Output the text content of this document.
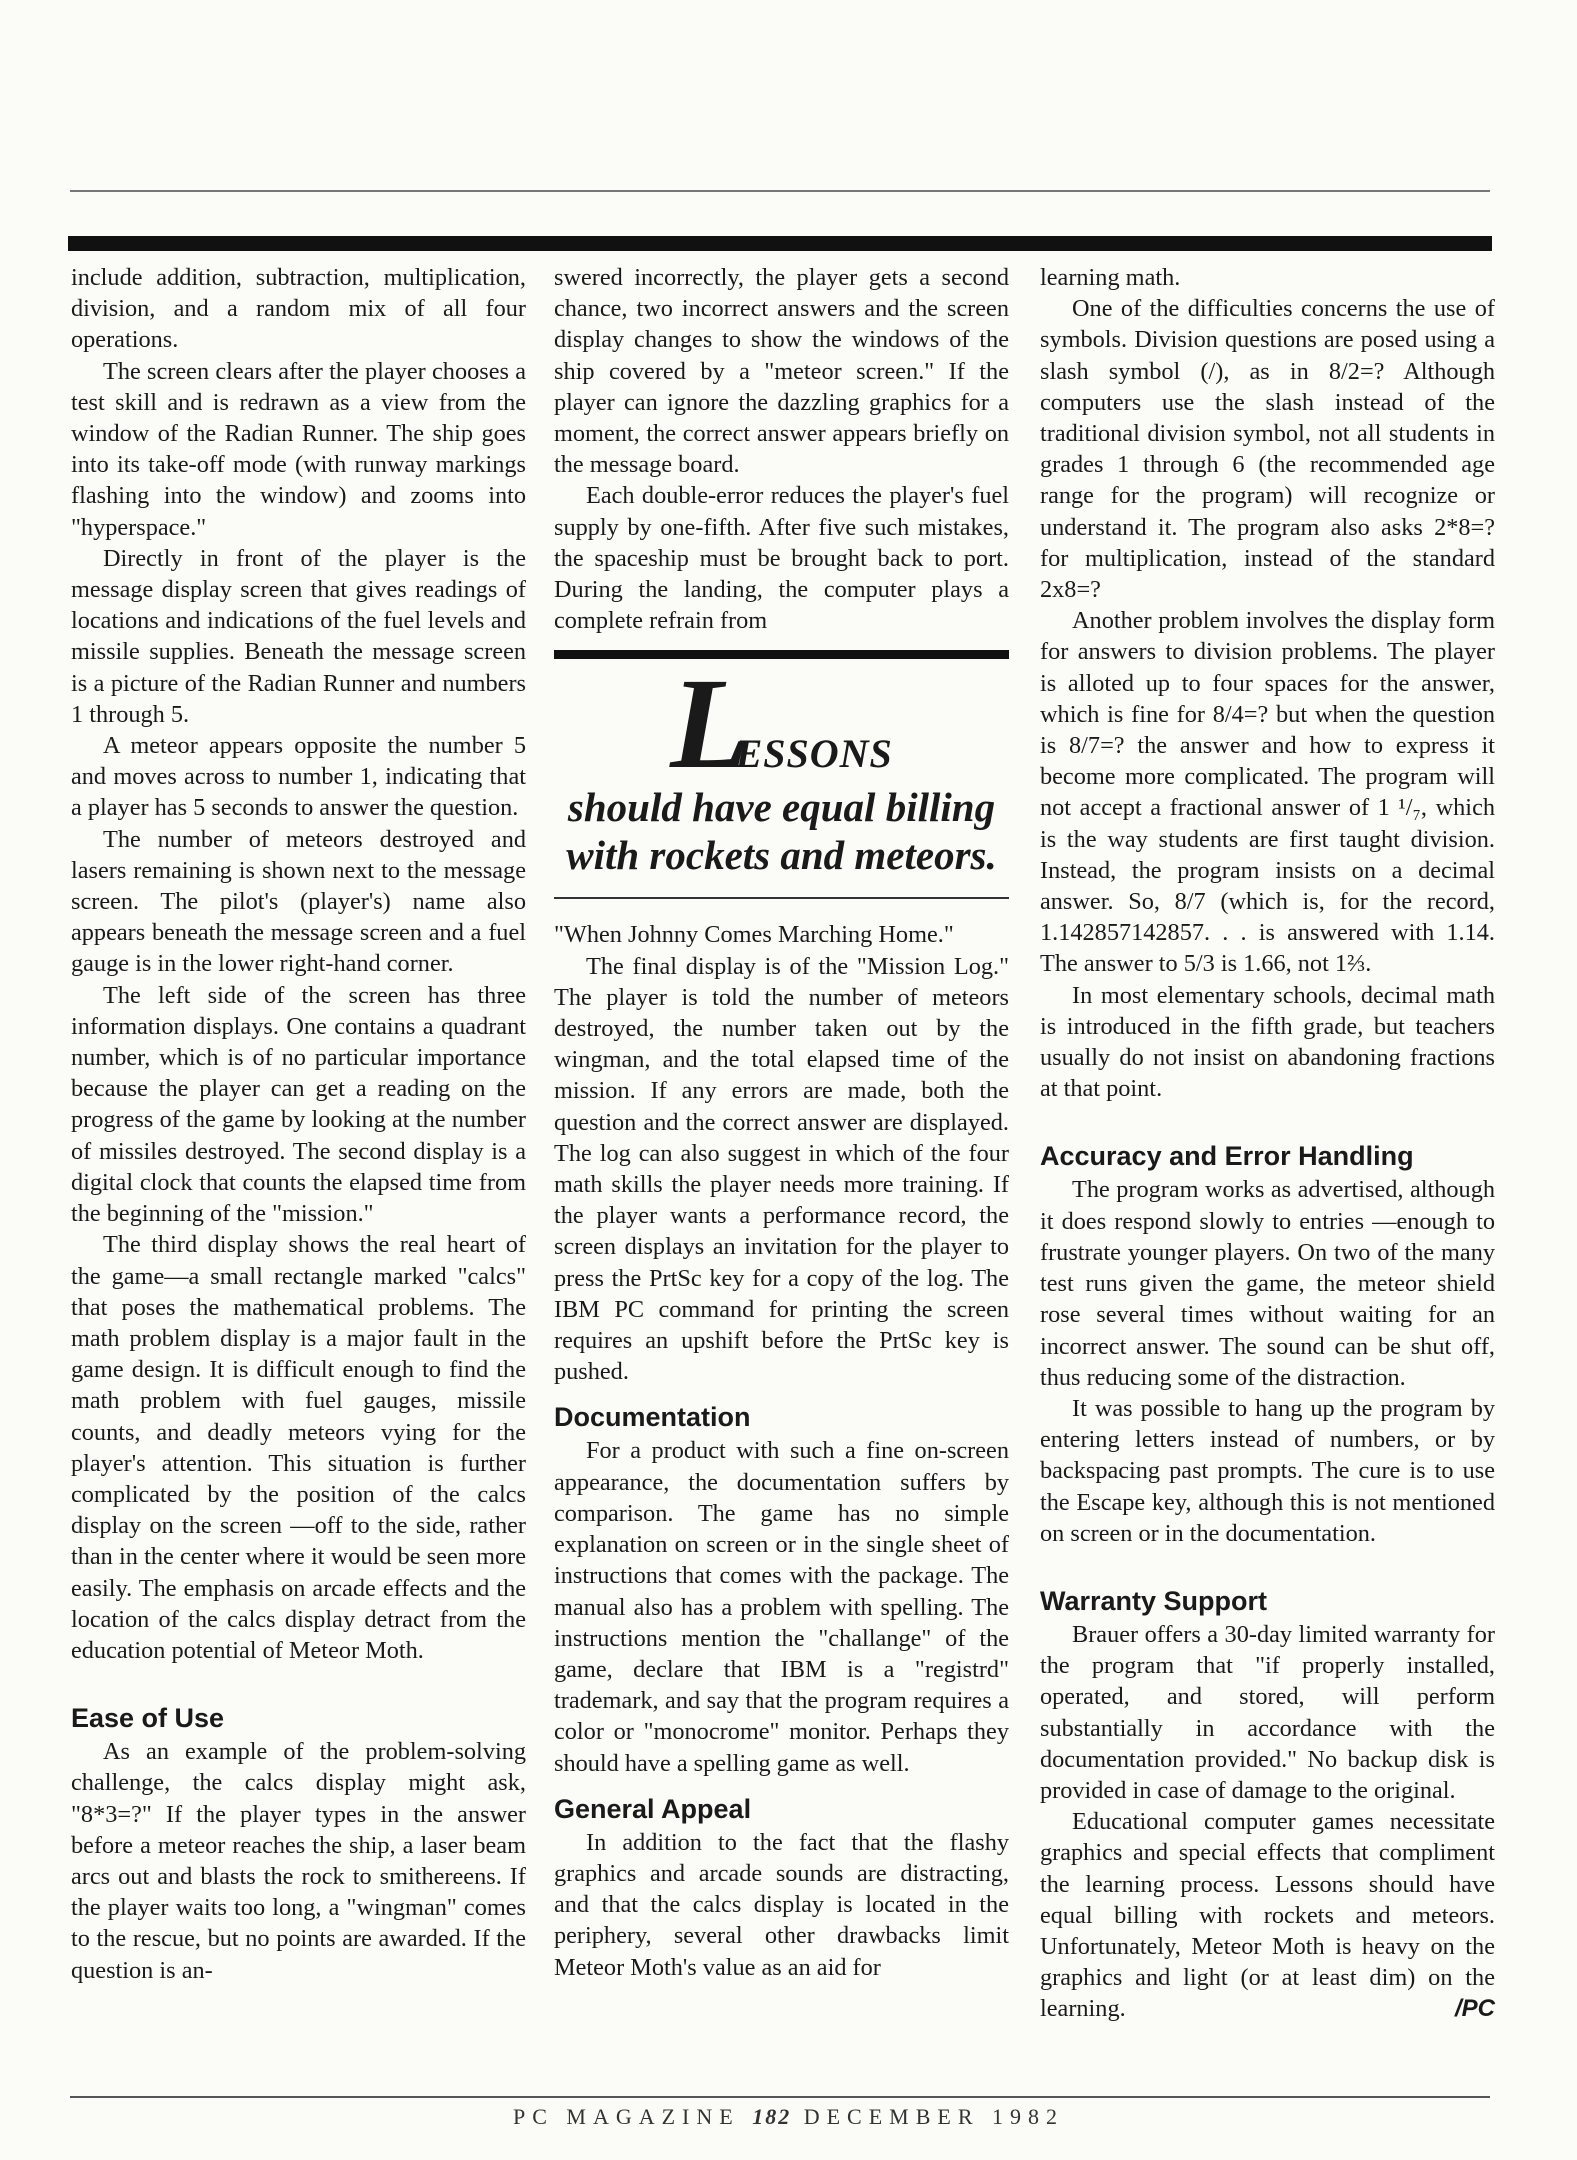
include addition, subtraction, multiplication, division, and a random mix of all four operations.

The screen clears after the player chooses a test skill and is redrawn as a view from the window of the Radian Runner. The ship goes into its take-off mode (with runway markings flashing into the window) and zooms into "hyperspace."

Directly in front of the player is the message display screen that gives readings of locations and indications of the fuel levels and missile supplies. Beneath the message screen is a picture of the Radian Runner and numbers 1 through 5.

A meteor appears opposite the number 5 and moves across to number 1, indicating that a player has 5 seconds to answer the question.

The number of meteors destroyed and lasers remaining is shown next to the message screen. The pilot's (player's) name also appears beneath the message screen and a fuel gauge is in the lower right-hand corner.

The left side of the screen has three information displays. One contains a quadrant number, which is of no particular importance because the player can get a reading on the progress of the game by looking at the number of missiles destroyed. The second display is a digital clock that counts the elapsed time from the beginning of the "mission."

The third display shows the real heart of the game—a small rectangle marked "calcs" that poses the mathematical problems. The math problem display is a major fault in the game design. It is difficult enough to find the math problem with fuel gauges, missile counts, and deadly meteors vying for the player's attention. This situation is further complicated by the position of the calcs display on the screen —off to the side, rather than in the center where it would be seen more easily. The emphasis on arcade effects and the location of the calcs display detract from the education potential of Meteor Moth.

Ease of Use

As an example of the problem-solving challenge, the calcs display might ask, "8*3=?" If the player types in the answer before a meteor reaches the ship, a laser beam arcs out and blasts the rock to smithereens. If the player waits too long, a "wingman" comes to the rescue, but no points are awarded. If the question is an-

swered incorrectly, the player gets a second chance, two incorrect answers and the screen display changes to show the windows of the ship covered by a "meteor screen." If the player can ignore the dazzling graphics for a moment, the correct answer appears briefly on the message board.

Each double-error reduces the player's fuel supply by one-fifth. After five such mistakes, the spaceship must be brought back to port. During the landing, the computer plays a complete refrain from

LESSONS
should have equal billing with rockets and meteors.

"When Johnny Comes Marching Home."

The final display is of the "Mission Log." The player is told the number of meteors destroyed, the number taken out by the wingman, and the total elapsed time of the mission. If any errors are made, both the question and the correct answer are displayed. The log can also suggest in which of the four math skills the player needs more training. If the player wants a performance record, the screen displays an invitation for the player to press the PrtSc key for a copy of the log. The IBM PC command for printing the screen requires an upshift before the PrtSc key is pushed.

Documentation

For a product with such a fine on-screen appearance, the documentation suffers by comparison. The game has no simple explanation on screen or in the single sheet of instructions that comes with the package. The manual also has a problem with spelling. The instructions mention the "challange" of the game, declare that IBM is a "registrd" trademark, and say that the program requires a color or "monocrome" monitor. Perhaps they should have a spelling game as well.

General Appeal

In addition to the fact that the flashy graphics and arcade sounds are distracting, and that the calcs display is located in the periphery, several other drawbacks limit Meteor Moth's value as an aid for

learning math.

One of the difficulties concerns the use of symbols. Division questions are posed using a slash symbol (/), as in 8/2=? Although computers use the slash instead of the traditional division symbol, not all students in grades 1 through 6 (the recommended age range for the program) will recognize or understand it. The program also asks 2*8=? for multiplication, instead of the standard 2x8=?

Another problem involves the display form for answers to division problems. The player is alloted up to four spaces for the answer, which is fine for 8/4=? but when the question is 8/7=? the answer and how to express it become more complicated. The program will not accept a fractional answer of 1 ¹/₇, which is the way students are first taught division. Instead, the program insists on a decimal answer. So, 8/7 (which is, for the record, 1.142857142857. . . is answered with 1.14. The answer to 5/3 is 1.66, not 1⅔.

In most elementary schools, decimal math is introduced in the fifth grade, but teachers usually do not insist on abandoning fractions at that point.

Accuracy and Error Handling

The program works as advertised, although it does respond slowly to entries —enough to frustrate younger players. On two of the many test runs given the game, the meteor shield rose several times without waiting for an incorrect answer. The sound can be shut off, thus reducing some of the distraction.

It was possible to hang up the program by entering letters instead of numbers, or by backspacing past prompts. The cure is to use the Escape key, although this is not mentioned on screen or in the documentation.

Warranty Support

Brauer offers a 30-day limited warranty for the program that "if properly installed, operated, and stored, will perform substantially in accordance with the documentation provided." No backup disk is provided in case of damage to the original.

Educational computer games necessitate graphics and special effects that compliment the learning process. Lessons should have equal billing with rockets and meteors. Unfortunately, Meteor Moth is heavy on the graphics and light (or at least dim) on the learning.	/PC

PC MAGAZINE 182 DECEMBER 1982
